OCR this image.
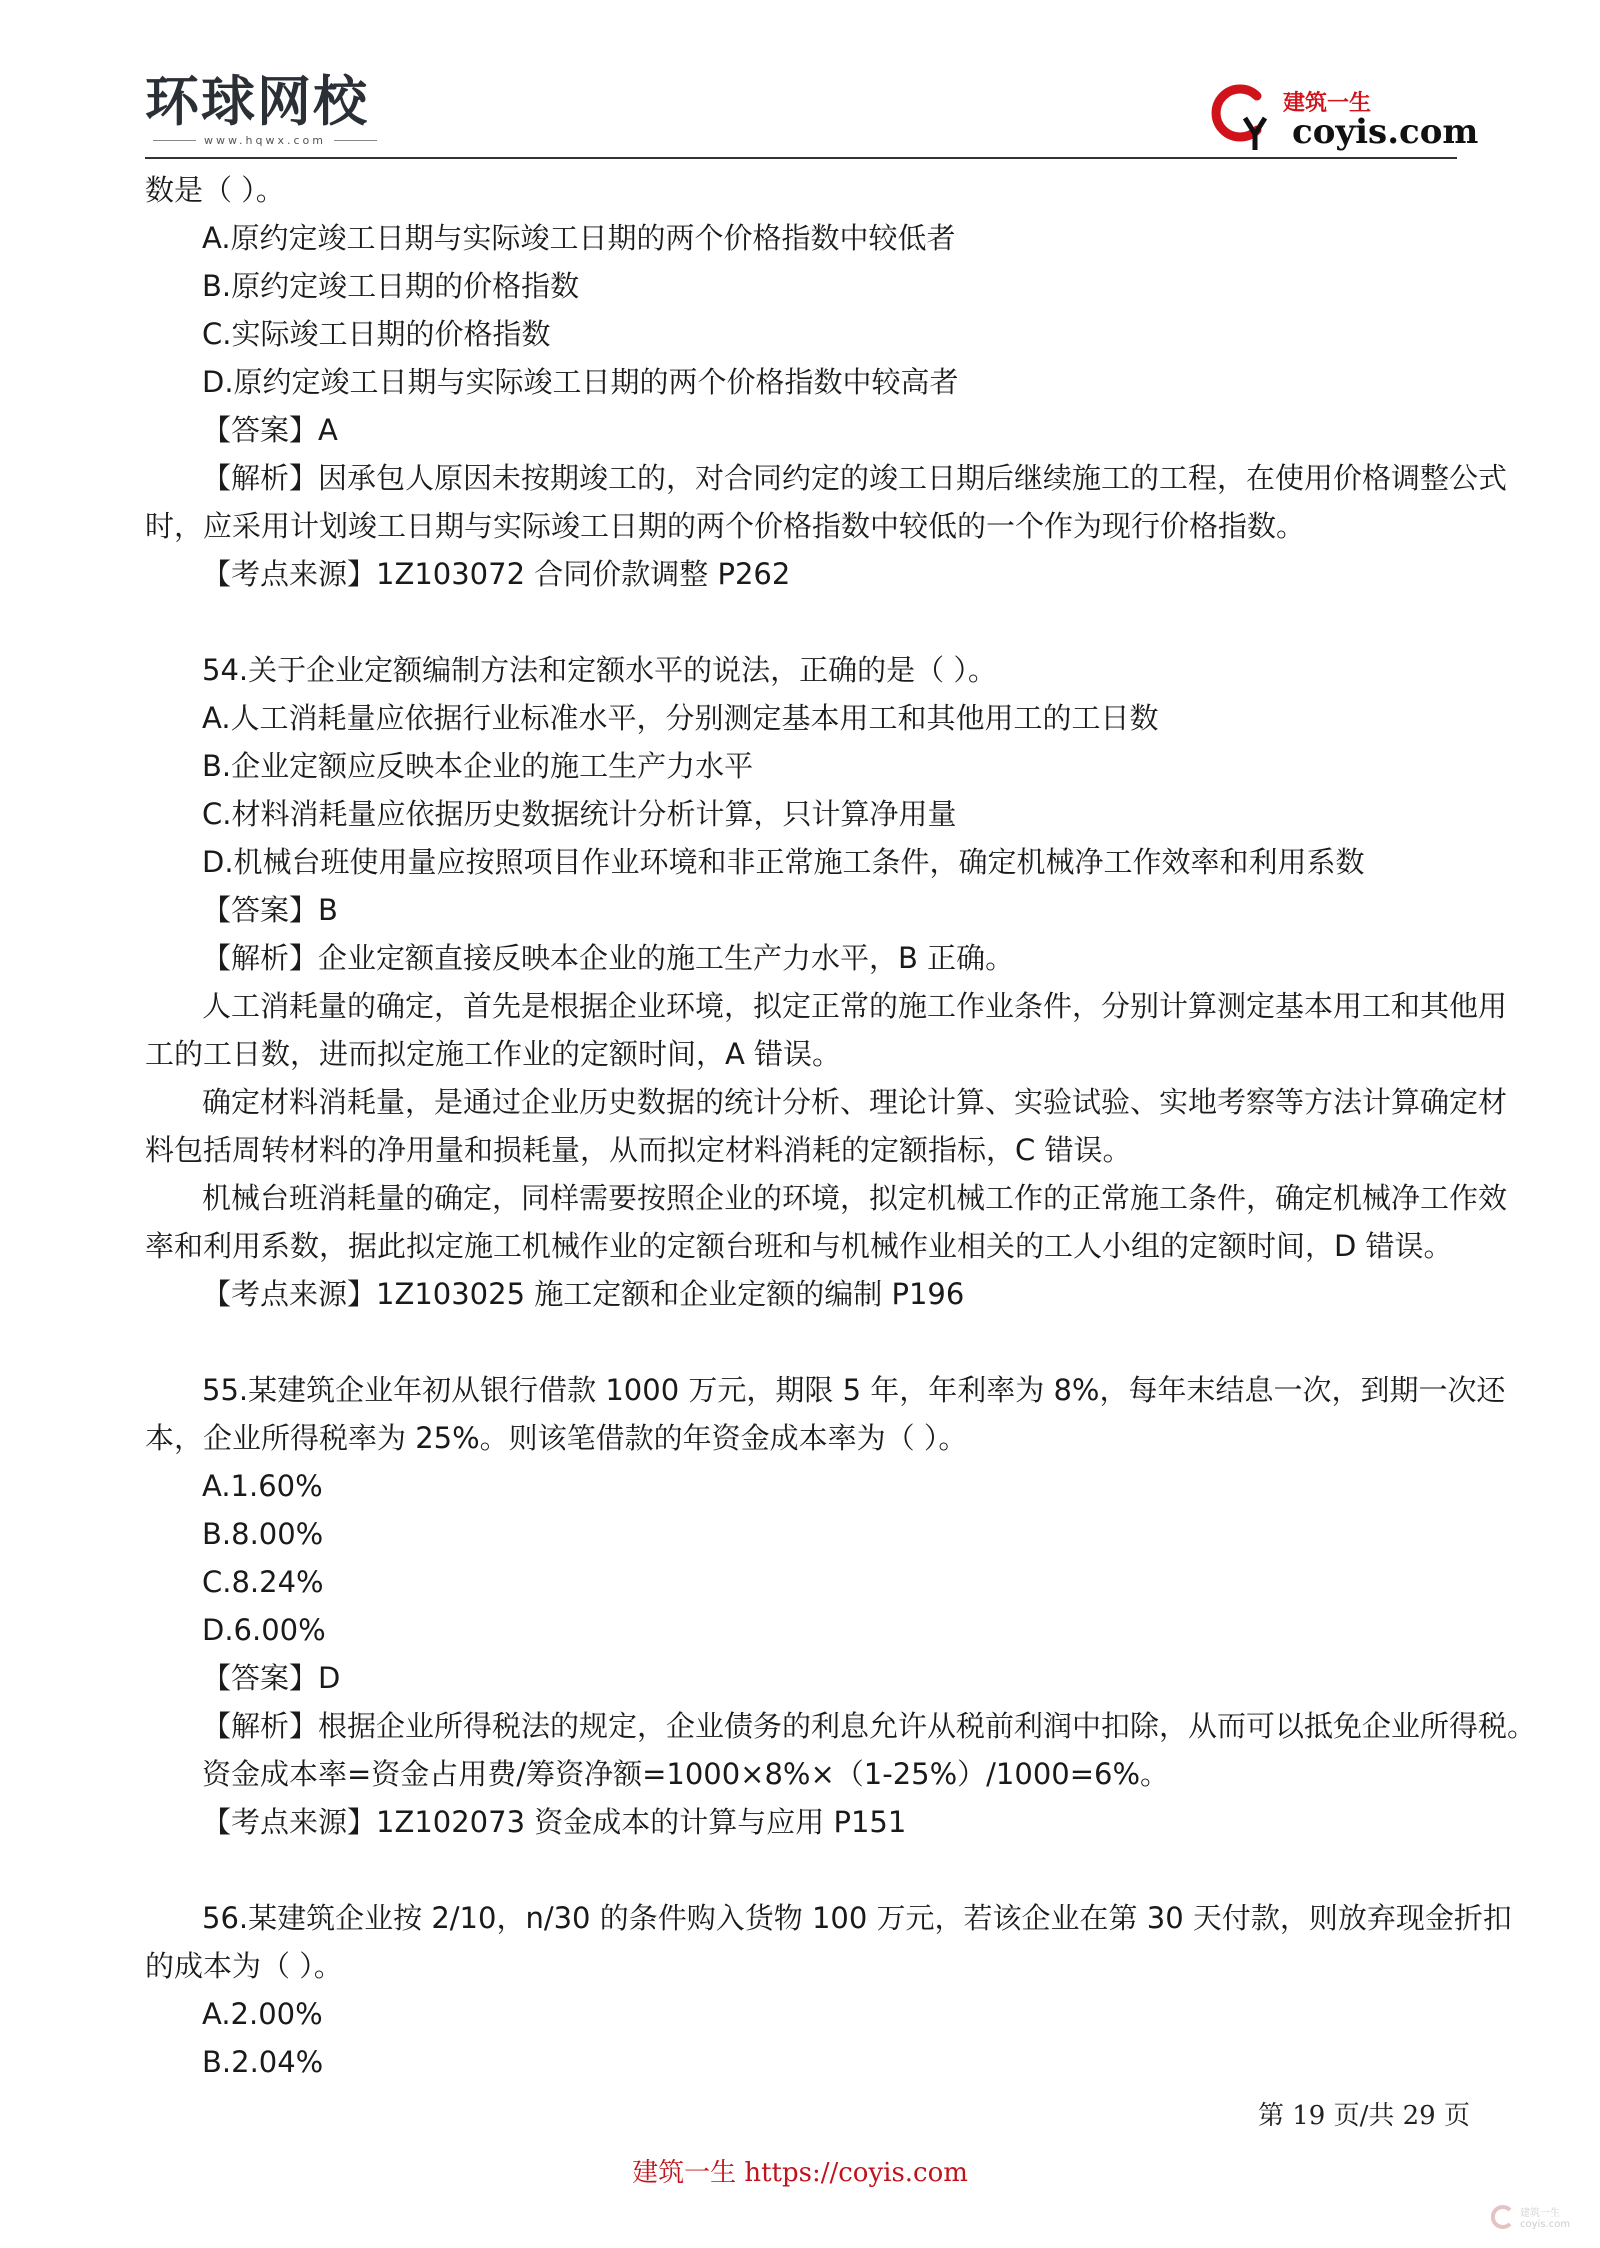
环球网校
www.hqwx.com
建筑一生
coyis.com
数是（ ）。
A.原约定竣工日期与实际竣工日期的两个价格指数中较低者
B.原约定竣工日期的价格指数
C.实际竣工日期的价格指数
D.原约定竣工日期与实际竣工日期的两个价格指数中较高者
【答案】A
【解析】因承包人原因未按期竣工的，对合同约定的竣工日期后继续施工的工程，在使用价格调整公式
时，应采用计划竣工日期与实际竣工日期的两个价格指数中较低的一个作为现行价格指数。
【考点来源】1Z103072 合同价款调整 P262
54.关于企业定额编制方法和定额水平的说法，正确的是（ ）。
A.人工消耗量应依据行业标准水平，分别测定基本用工和其他用工的工日数
B.企业定额应反映本企业的施工生产力水平
C.材料消耗量应依据历史数据统计分析计算，只计算净用量
D.机械台班使用量应按照项目作业环境和非正常施工条件，确定机械净工作效率和利用系数
【答案】B
【解析】企业定额直接反映本企业的施工生产力水平，B 正确。
人工消耗量的确定，首先是根据企业环境，拟定正常的施工作业条件，分别计算测定基本用工和其他用
工的工日数，进而拟定施工作业的定额时间，A 错误。
确定材料消耗量，是通过企业历史数据的统计分析、理论计算、实验试验、实地考察等方法计算确定材
料包括周转材料的净用量和损耗量，从而拟定材料消耗的定额指标，C 错误。
机械台班消耗量的确定，同样需要按照企业的环境，拟定机械工作的正常施工条件，确定机械净工作效
率和利用系数，据此拟定施工机械作业的定额台班和与机械作业相关的工人小组的定额时间，D 错误。
【考点来源】1Z103025 施工定额和企业定额的编制 P196
55.某建筑企业年初从银行借款 1000 万元，期限 5 年，年利率为 8%，每年末结息一次，到期一次还
本，企业所得税率为 25%。则该笔借款的年资金成本率为（ ）。
A.1.60%
B.8.00%
C.8.24%
D.6.00%
【答案】D
【解析】根据企业所得税法的规定，企业债务的利息允许从税前利润中扣除，从而可以抵免企业所得税。
资金成本率=资金占用费/筹资净额=1000×8%×（1-25%）/1000=6%。
【考点来源】1Z102073 资金成本的计算与应用 P151
56.某建筑企业按 2/10，n/30 的条件购入货物 100 万元，若该企业在第 30 天付款，则放弃现金折扣
的成本为（ ）。
A.2.00%
B.2.04%
第 19 页/共 29 页
建筑一生 https://coyis.com
建筑一生 coyis.com
